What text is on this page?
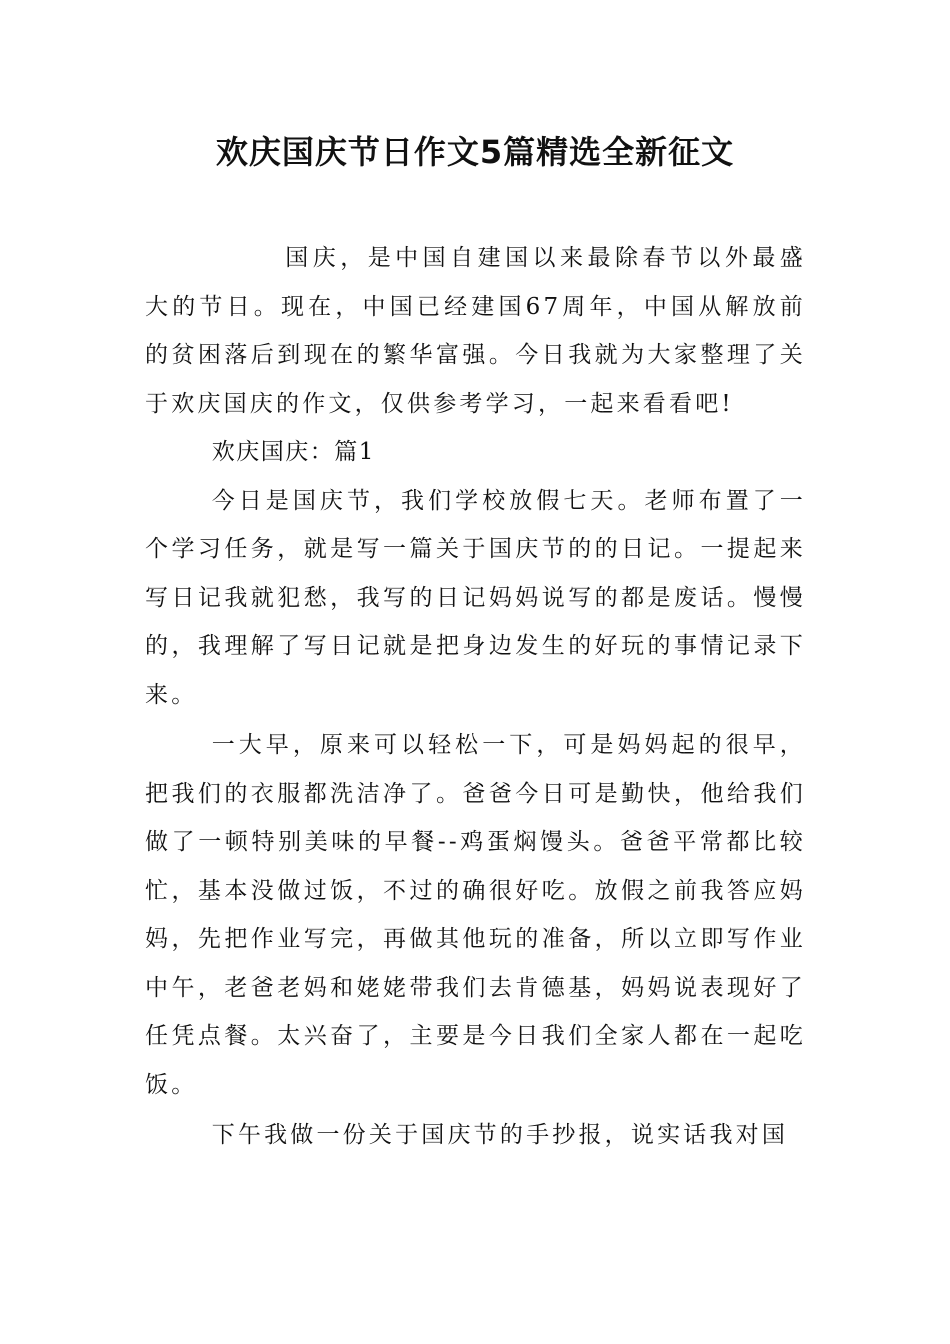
欢庆国庆节日作文5篇精选全新征文

国庆，是中国自建国以来最除春节以外最盛大的节日。现在，中国已经建国67周年，中国从解放前的贫困落后到现在的繁华富强。今日我就为大家整理了关于欢庆国庆的作文，仅供参考学习，一起来看看吧!

欢庆国庆：篇1

今日是国庆节，我们学校放假七天。老师布置了一个学习任务，就是写一篇关于国庆节的的日记。一提起来写日记我就犯愁，我写的日记妈妈说写的都是废话。慢慢的，我理解了写日记就是把身边发生的好玩的事情记录下来。

一大早，原来可以轻松一下，可是妈妈起的很早，把我们的衣服都洗洁净了。爸爸今日可是勤快，他给我们做了一顿特别美味的早餐--鸡蛋焖馒头。爸爸平常都比较忙，基本没做过饭，不过的确很好吃。放假之前我答应妈妈，先把作业写完，再做其他玩的准备，所以立即写作业中午，老爸老妈和姥姥带我们去肯德基，妈妈说表现好了任凭点餐。太兴奋了，主要是今日我们全家人都在一起吃饭。

下午我做一份关于国庆节的手抄报，说实话我对国
